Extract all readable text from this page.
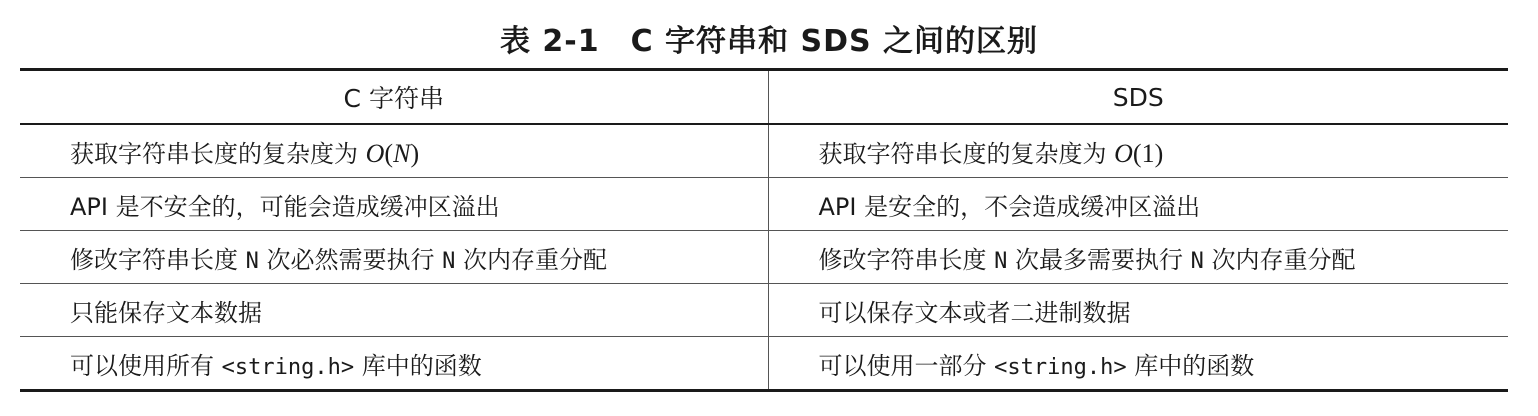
表 2-1　C 字符串和 SDS 之间的区别
C 字符串	SDS
获取字符串长度的复杂度为 O(N)	获取字符串长度的复杂度为 O(1)
API 是不安全的，可能会造成缓冲区溢出	API 是安全的，不会造成缓冲区溢出
修改字符串长度 N 次必然需要执行 N 次内存重分配	修改字符串长度 N 次最多需要执行 N 次内存重分配
只能保存文本数据	可以保存文本或者二进制数据
可以使用所有 <string.h> 库中的函数	可以使用一部分 <string.h> 库中的函数
